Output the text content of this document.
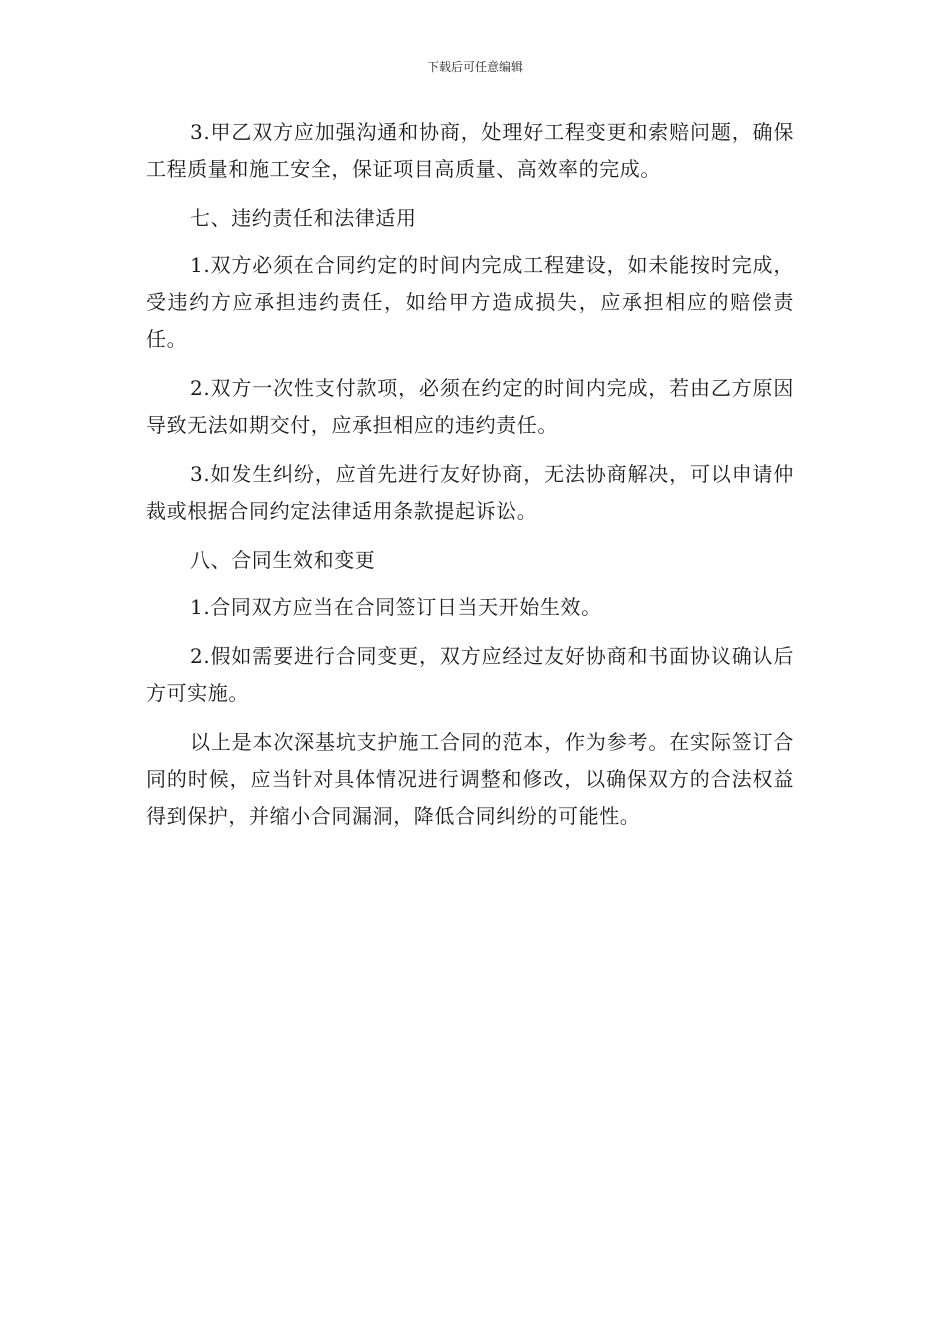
下载后可任意编辑

3.甲乙双方应加强沟通和协商，处理好工程变更和索赔问题，确保工程质量和施工安全，保证项目高质量、高效率的完成。

七、违约责任和法律适用

1.双方必须在合同约定的时间内完成工程建设，如未能按时完成，受违约方应承担违约责任，如给甲方造成损失，应承担相应的赔偿责任。

2.双方一次性支付款项，必须在约定的时间内完成，若由乙方原因导致无法如期交付，应承担相应的违约责任。

3.如发生纠纷，应首先进行友好协商，无法协商解决，可以申请仲裁或根据合同约定法律适用条款提起诉讼。

八、合同生效和变更

1.合同双方应当在合同签订日当天开始生效。

2.假如需要进行合同变更，双方应经过友好协商和书面协议确认后方可实施。

以上是本次深基坑支护施工合同的范本，作为参考。在实际签订合同的时候，应当针对具体情况进行调整和修改，以确保双方的合法权益得到保护，并缩小合同漏洞，降低合同纠纷的可能性。
